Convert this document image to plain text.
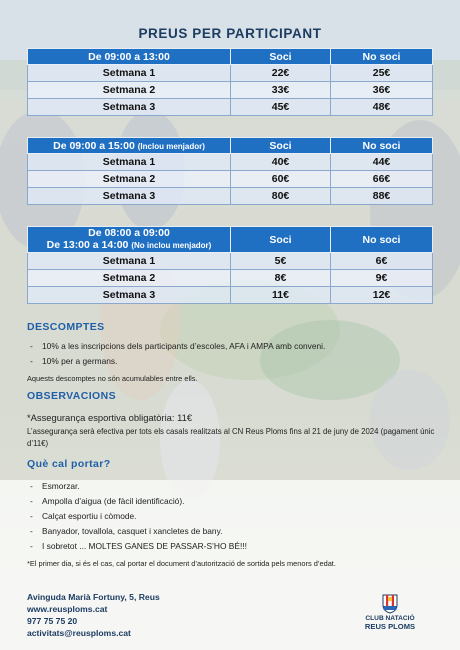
PREUS PER PARTICIPANT
De 09:00 a 13:00	Soci	No soci
Setmana 1	22€	25€
Setmana 2	33€	36€
Setmana 3	45€	48€
De 09:00 a 15:00 (Inclou menjador)	Soci	No soci
Setmana 1	40€	44€
Setmana 2	60€	66€
Setmana 3	80€	88€
De 08:00 a 09:00
De 13:00 a 14:00 (No inclou menjador)	Soci	No soci
Setmana 1	5€	6€
Setmana 2	8€	9€
Setmana 3	11€	12€

DESCOMPTES

- 10% a les inscripcions dels participants d’escoles, AFA i AMPA amb conveni.

- 10% per a germans.

Aquests descomptes no són acumulables entre ells.

OBSERVACIONS

*Assegurança esportiva obligatòria: 11€

L’assegurança serà efectiva per tots els casals realitzats al CN Reus Ploms fins al 21 de juny de 2024 (pagament únic d’11€)

Què cal portar?

- Esmorzar.

- Ampolla d’aigua (de fàcil identificació).

- Calçat esportiu i còmode.

- Banyador, tovallola, casquet i xancletes de bany.

- I sobretot ... MOLTES GANES DE PASSAR-S’HO BÉ!!!

*El primer dia, si és el cas, cal portar el document d’autorització de sortida pels menors d’edat.

Avinguda Marià Fortuny, 5, Reus

www.reusploms.cat

977 75 75 20

activitats@reusploms.cat

CLUB NATACIÓ
REUS PLOMS
